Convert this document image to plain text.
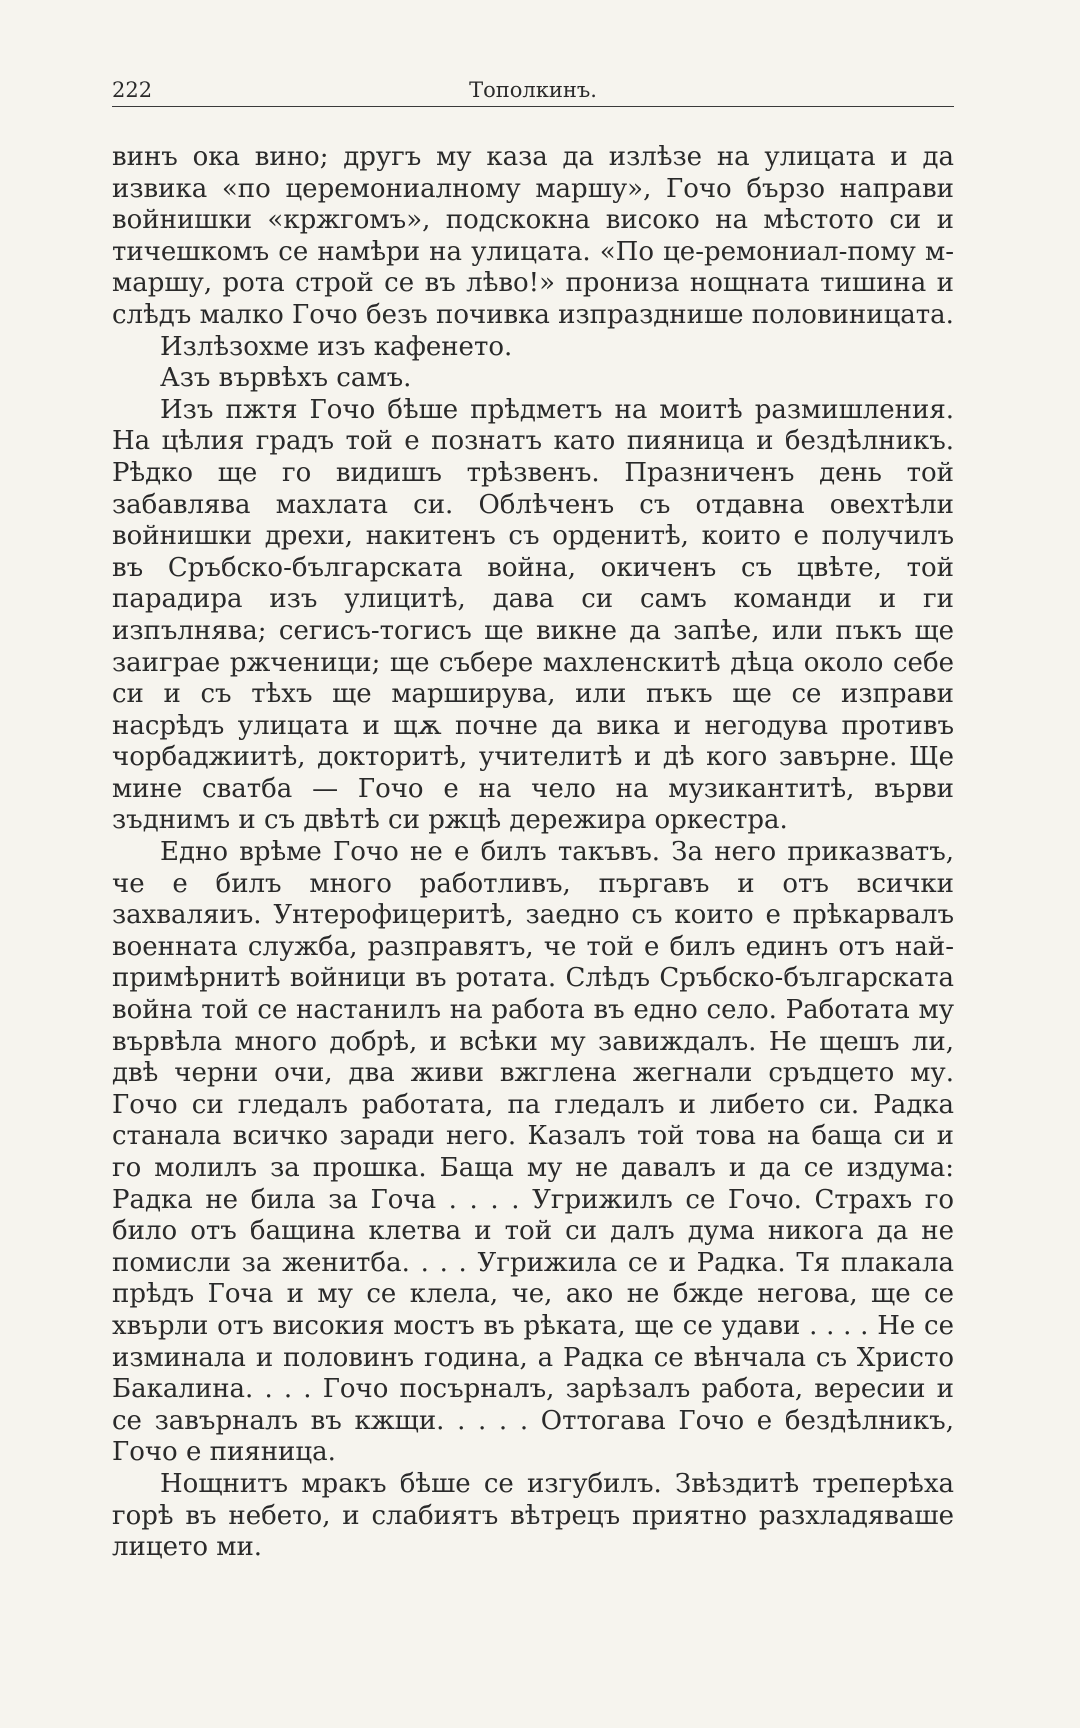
222	Тополкинъ.

винъ ока вино; другъ му каза да излѣзе на улицата и да извика «по церемониалному маршу», Гочо бързо направи войнишки «кржгомъ», подскокна високо на мѣстото си и тичешкомъ се намѣри на улицата. «По це-ремониал-пому м-маршу, рота строй се въ лѣво!» прониза нощната тишина и слѣдъ малко Гочо безъ почивка изпразднише половиницата.

Излѣзохме изъ кафенето.

Азъ вървѣхъ самъ.

Изъ пжтя Гочо бѣше прѣдметъ на моитѣ размишления. На цѣлия градъ той е познатъ като пияница и бездѣлникъ. Рѣдко ще го видишъ трѣзвенъ. Празниченъ день той забавлява махлата си. Облѣченъ съ отдавна овехтѣли войнишки дрехи, накитенъ съ орденитѣ, които е получилъ въ Сръбско-българската война, окиченъ съ цвѣте, той парадира изъ улицитѣ, дава си самъ команди и ги изпълнява; сегисъ-тогисъ ще викне да запѣе, или пъкъ ще заиграе ржченици; ще събере махленскитѣ дѣца около себе си и съ тѣхъ ще марширува, или пъкъ ще се изправи насрѣдъ улицата и щѫ почне да вика и негодува противъ чорбаджиитѣ, докторитѣ, учителитѣ и дѣ кого завърне. Ще мине сватба — Гочо е на чело на музикантитѣ, върви зъднимъ и съ двѣтѣ си ржцѣ дережира оркестра.

Едно врѣме Гочо не е билъ такъвъ. За него приказватъ, че е билъ много работливъ, пъргавъ и отъ всички захваляиъ. Унтерофицеритѣ, заедно съ които е прѣкарвалъ военната служба, разправятъ, че той е билъ единъ отъ най-примѣрнитѣ войници въ ротата. Слѣдъ Сръбско-българската война той се настанилъ на работа въ едно село. Работата му вървѣла много добрѣ, и всѣки му завиждалъ. Не щешъ ли, двѣ черни очи, два живи вжглена жегнали сръдцето му. Гочо си гледалъ работата, па гледалъ и либето си. Радка станала всичко заради него. Казалъ той това на баща си и го молилъ за прошка. Баща му не давалъ и да се издума: Радка не била за Гоча . . . . Угрижилъ се Гочо. Страхъ го било отъ бащина клетва и той си далъ дума никога да не помисли за женитба. . . . Угрижила се и Радка. Тя плакала прѣдъ Гоча и му се клела, че, ако не бжде негова, ще се хвърли отъ високия мостъ въ рѣката, ще се удави . . . . Не се изминала и половинъ година, а Радка се вѣнчала съ Христо Бакалина. . . . Гочо посърналъ, зарѣзалъ работа, вересии и се завърналъ въ кжщи. . . . . Оттогава Гочо е бездѣлникъ, Гочо е пияница.

Нощнитъ мракъ бѣше се изгубилъ. Звѣздитѣ треперѣха горѣ въ небето, и слабиятъ вѣтрецъ приятно разхладяваше лицето ми.
